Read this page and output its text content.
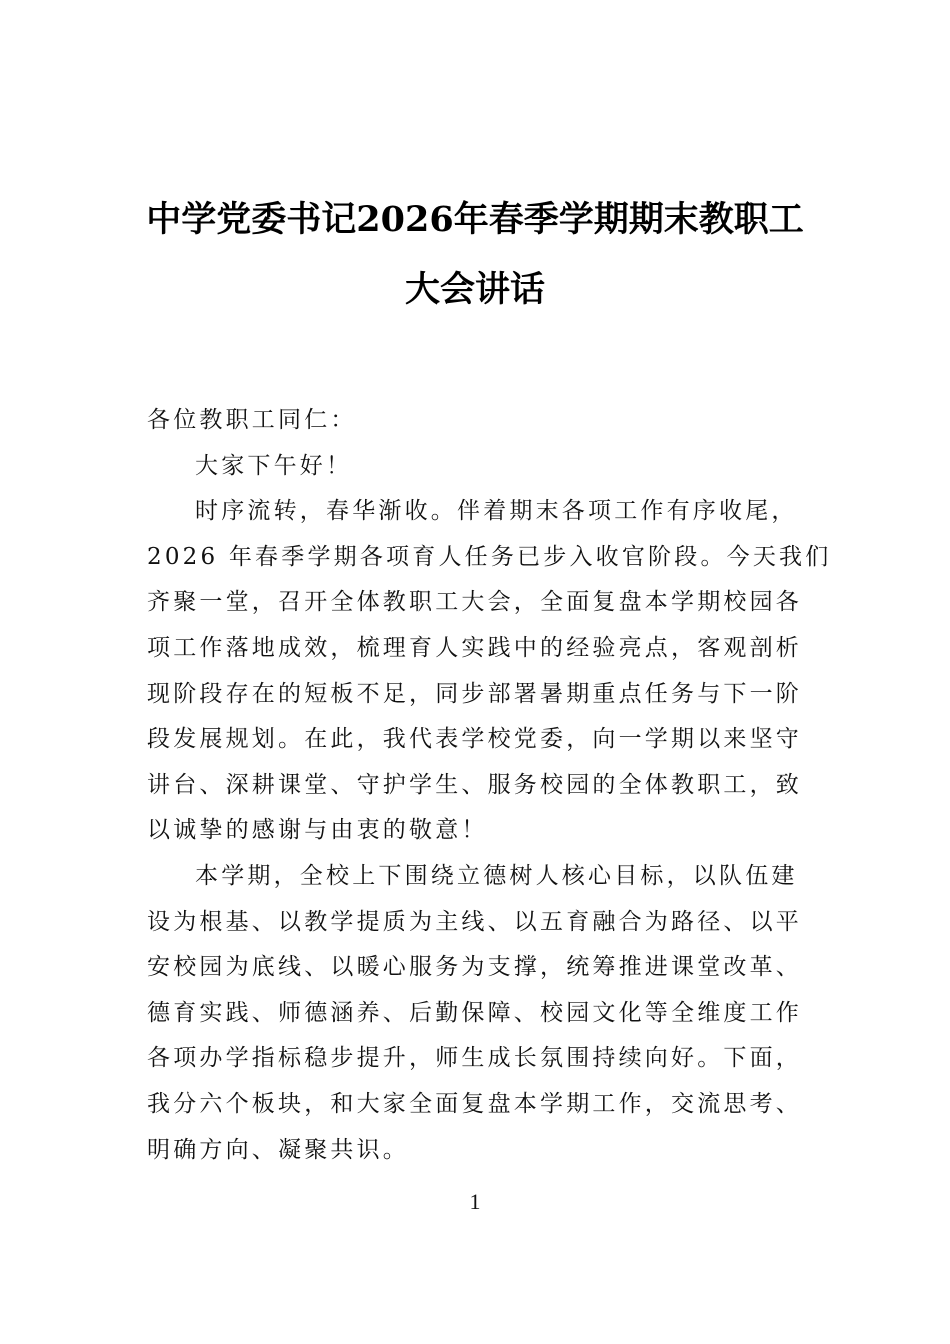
中学党委书记2026年春季学期期末教职工
大会讲话

各位教职工同仁：

大家下午好！

时序流转，春华渐收。伴着期末各项工作有序收尾，
2026 年春季学期各项育人任务已步入收官阶段。今天我们
齐聚一堂，召开全体教职工大会，全面复盘本学期校园各
项工作落地成效，梳理育人实践中的经验亮点，客观剖析
现阶段存在的短板不足，同步部署暑期重点任务与下一阶
段发展规划。在此，我代表学校党委，向一学期以来坚守
讲台、深耕课堂、守护学生、服务校园的全体教职工，致
以诚挚的感谢与由衷的敬意！

本学期，全校上下围绕立德树人核心目标，以队伍建
设为根基、以教学提质为主线、以五育融合为路径、以平
安校园为底线、以暖心服务为支撑，统筹推进课堂改革、
德育实践、师德涵养、后勤保障、校园文化等全维度工作
各项办学指标稳步提升，师生成长氛围持续向好。下面，
我分六个板块，和大家全面复盘本学期工作，交流思考、
明确方向、凝聚共识。

1
